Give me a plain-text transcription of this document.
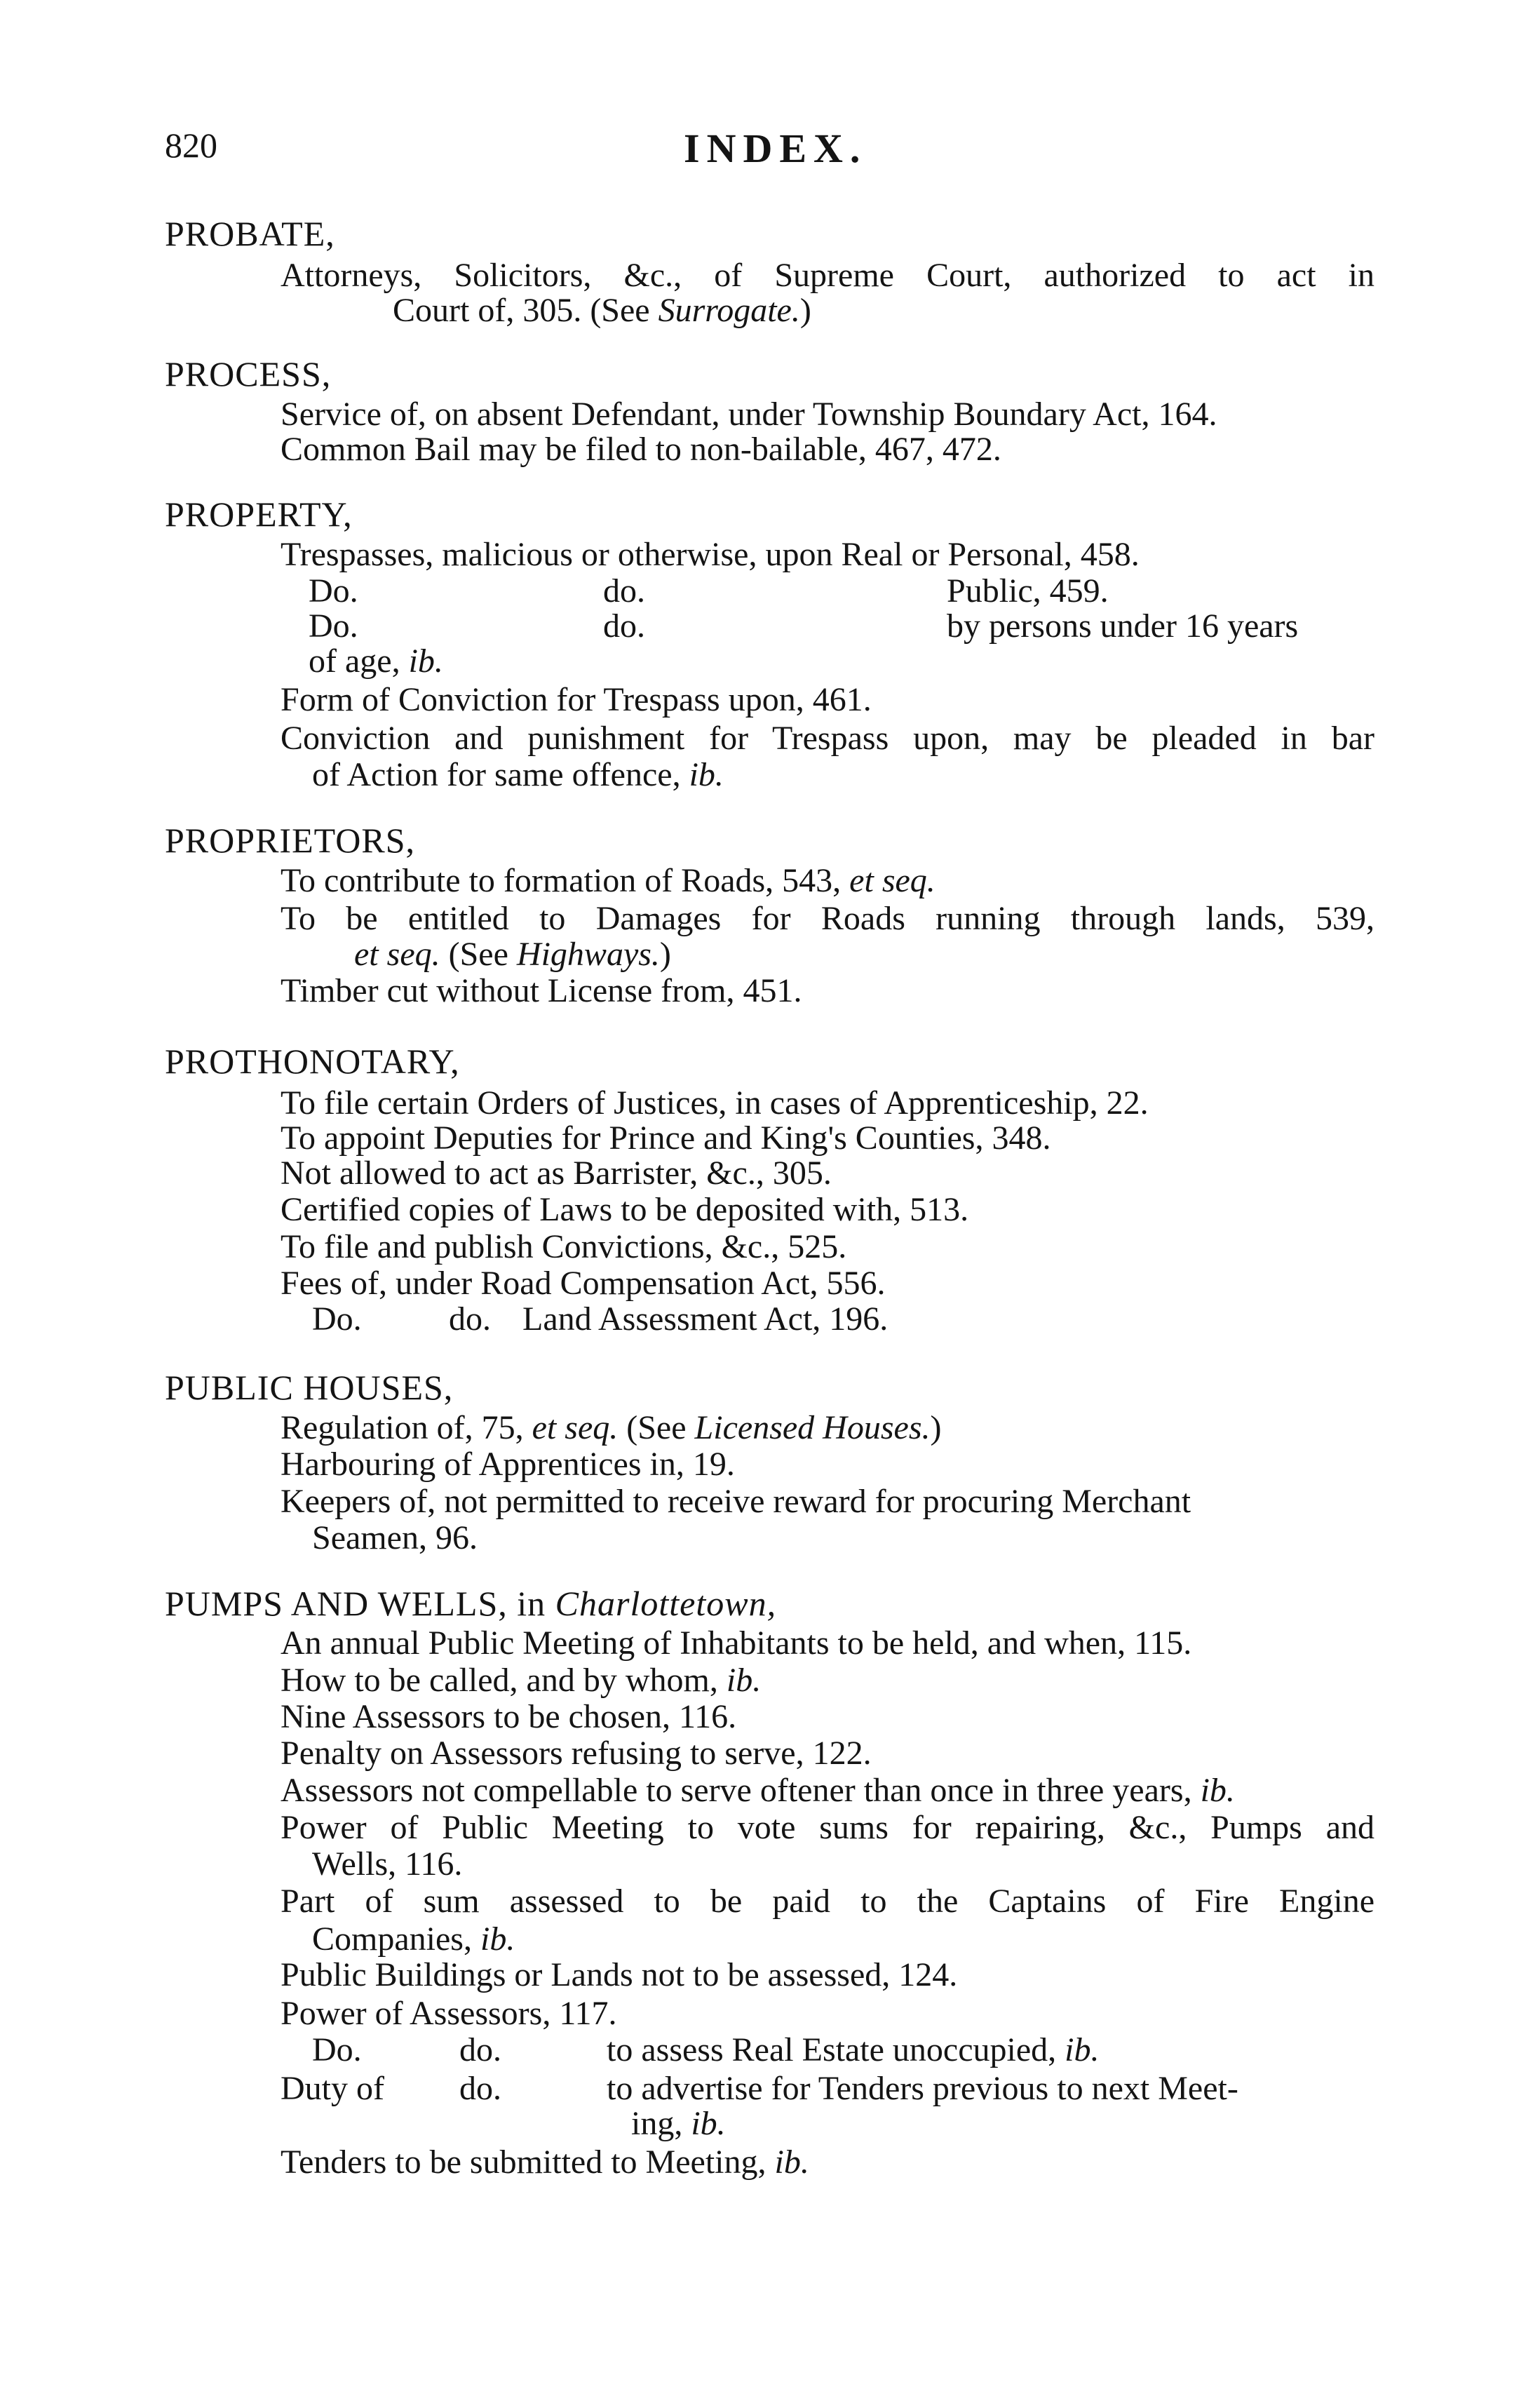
820	INDEX.
PROBATE,
Attorneys, Solicitors, &c., of Supreme Court, authorized to act in
Court of, 305. (See Surrogate.)
PROCESS,
Service of, on absent Defendant, under Township Boundary Act, 164.
Common Bail may be filed to non-bailable, 467, 472.
PROPERTY,
Trespasses, malicious or otherwise, upon Real or Personal, 458.
Do.	do.	Public, 459.
Do.	do.	by persons under 16 years
of age, ib.
Form of Conviction for Trespass upon, 461.
Conviction and punishment for Trespass upon, may be pleaded in bar
of Action for same offence, ib.
PROPRIETORS,
To contribute to formation of Roads, 543, et seq.
To be entitled to Damages for Roads running through lands, 539,
et seq. (See Highways.)
Timber cut without License from, 451.
PROTHONOTARY,
To file certain Orders of Justices, in cases of Apprenticeship, 22.
To appoint Deputies for Prince and King's Counties, 348.
Not allowed to act as Barrister, &c., 305.
Certified copies of Laws to be deposited with, 513.
To file and publish Convictions, &c., 525.
Fees of, under Road Compensation Act, 556.
Do.	do. Land Assessment Act, 196.
PUBLIC HOUSES,
Regulation of, 75, et seq. (See Licensed Houses.)
Harbouring of Apprentices in, 19.
Keepers of, not permitted to receive reward for procuring Merchant
Seamen, 96.
PUMPS AND WELLS, in Charlottetown,
An annual Public Meeting of Inhabitants to be held, and when, 115.
How to be called, and by whom, ib.
Nine Assessors to be chosen, 116.
Penalty on Assessors refusing to serve, 122.
Assessors not compellable to serve oftener than once in three years, ib.
Power of Public Meeting to vote sums for repairing, &c., Pumps and
Wells, 116.
Part of sum assessed to be paid to the Captains of Fire Engine
Companies, ib.
Public Buildings or Lands not to be assessed, 124.
Power of Assessors, 117.
Do.	do.	to assess Real Estate unoccupied, ib.
Duty of do.	to advertise for Tenders previous to next Meet-
ing, ib.
Tenders to be submitted to Meeting, ib.
